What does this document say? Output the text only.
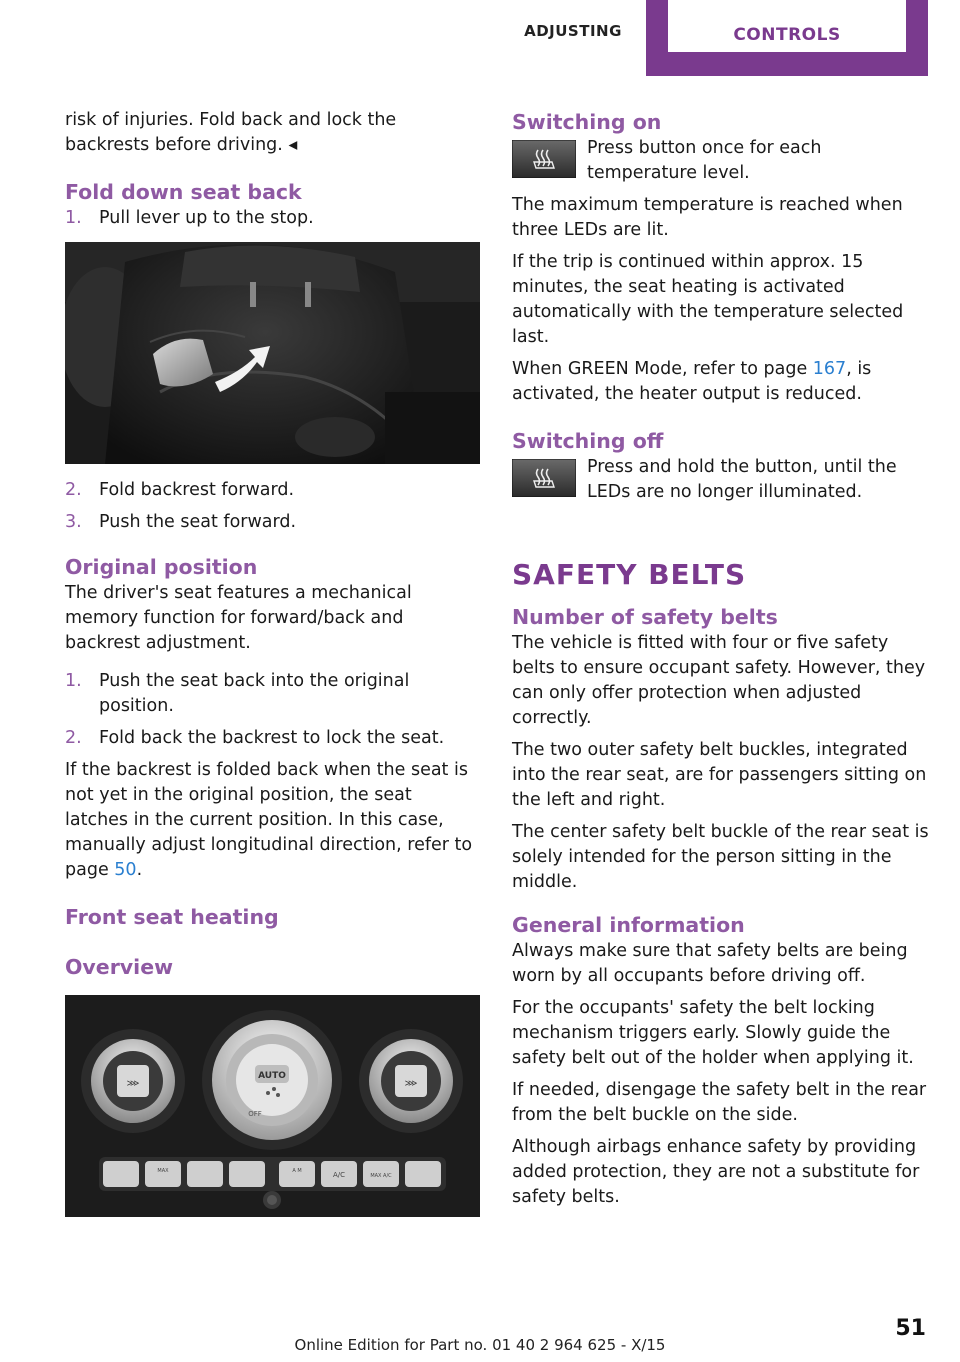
ADJUSTING	CONTROLS

risk of injuries. Fold back and lock the backrests before driving. ◂

Fold down seat back
1. Pull lever up to the stop.
2. Fold backrest forward.
3. Push the seat forward.
Original position

The driver's seat features a mechanical memory function for forward/back and backrest adjustment.

1. Push the seat back into the original position.
2. Fold back the backrest to lock the seat.

If the backrest is folded back when the seat is not yet in the original position, the seat latches in the current position. In this case, manually adjust longitudinal direction, refer to page 50.

Front seat heating
Overview
⋙
AUTO
OFF
⋙
MAX	A M	A/C	MAX A/C
Switching on
Press button once for each temperature level.

The maximum temperature is reached when three LEDs are lit.

If the trip is continued within approx. 15 minutes, the seat heating is activated automatically with the temperature selected last.

When GREEN Mode, refer to page 167, is activated, the heater output is reduced.

Switching off
Press and hold the button, until the LEDs are no longer illuminated.
SAFETY BELTS
Number of safety belts

The vehicle is fitted with four or five safety belts to ensure occupant safety. However, they can only offer protection when adjusted correctly.

The two outer safety belt buckles, integrated into the rear seat, are for passengers sitting on the left and right.

The center safety belt buckle of the rear seat is solely intended for the person sitting in the middle.

General information

Always make sure that safety belts are being worn by all occupants before driving off.

For the occupants' safety the belt locking mechanism triggers early. Slowly guide the safety belt out of the holder when applying it.

If needed, disengage the safety belt in the rear from the belt buckle on the side.

Although airbags enhance safety by providing added protection, they are not a substitute for safety belts.

51
Online Edition for Part no. 01 40 2 964 625 - X/15
